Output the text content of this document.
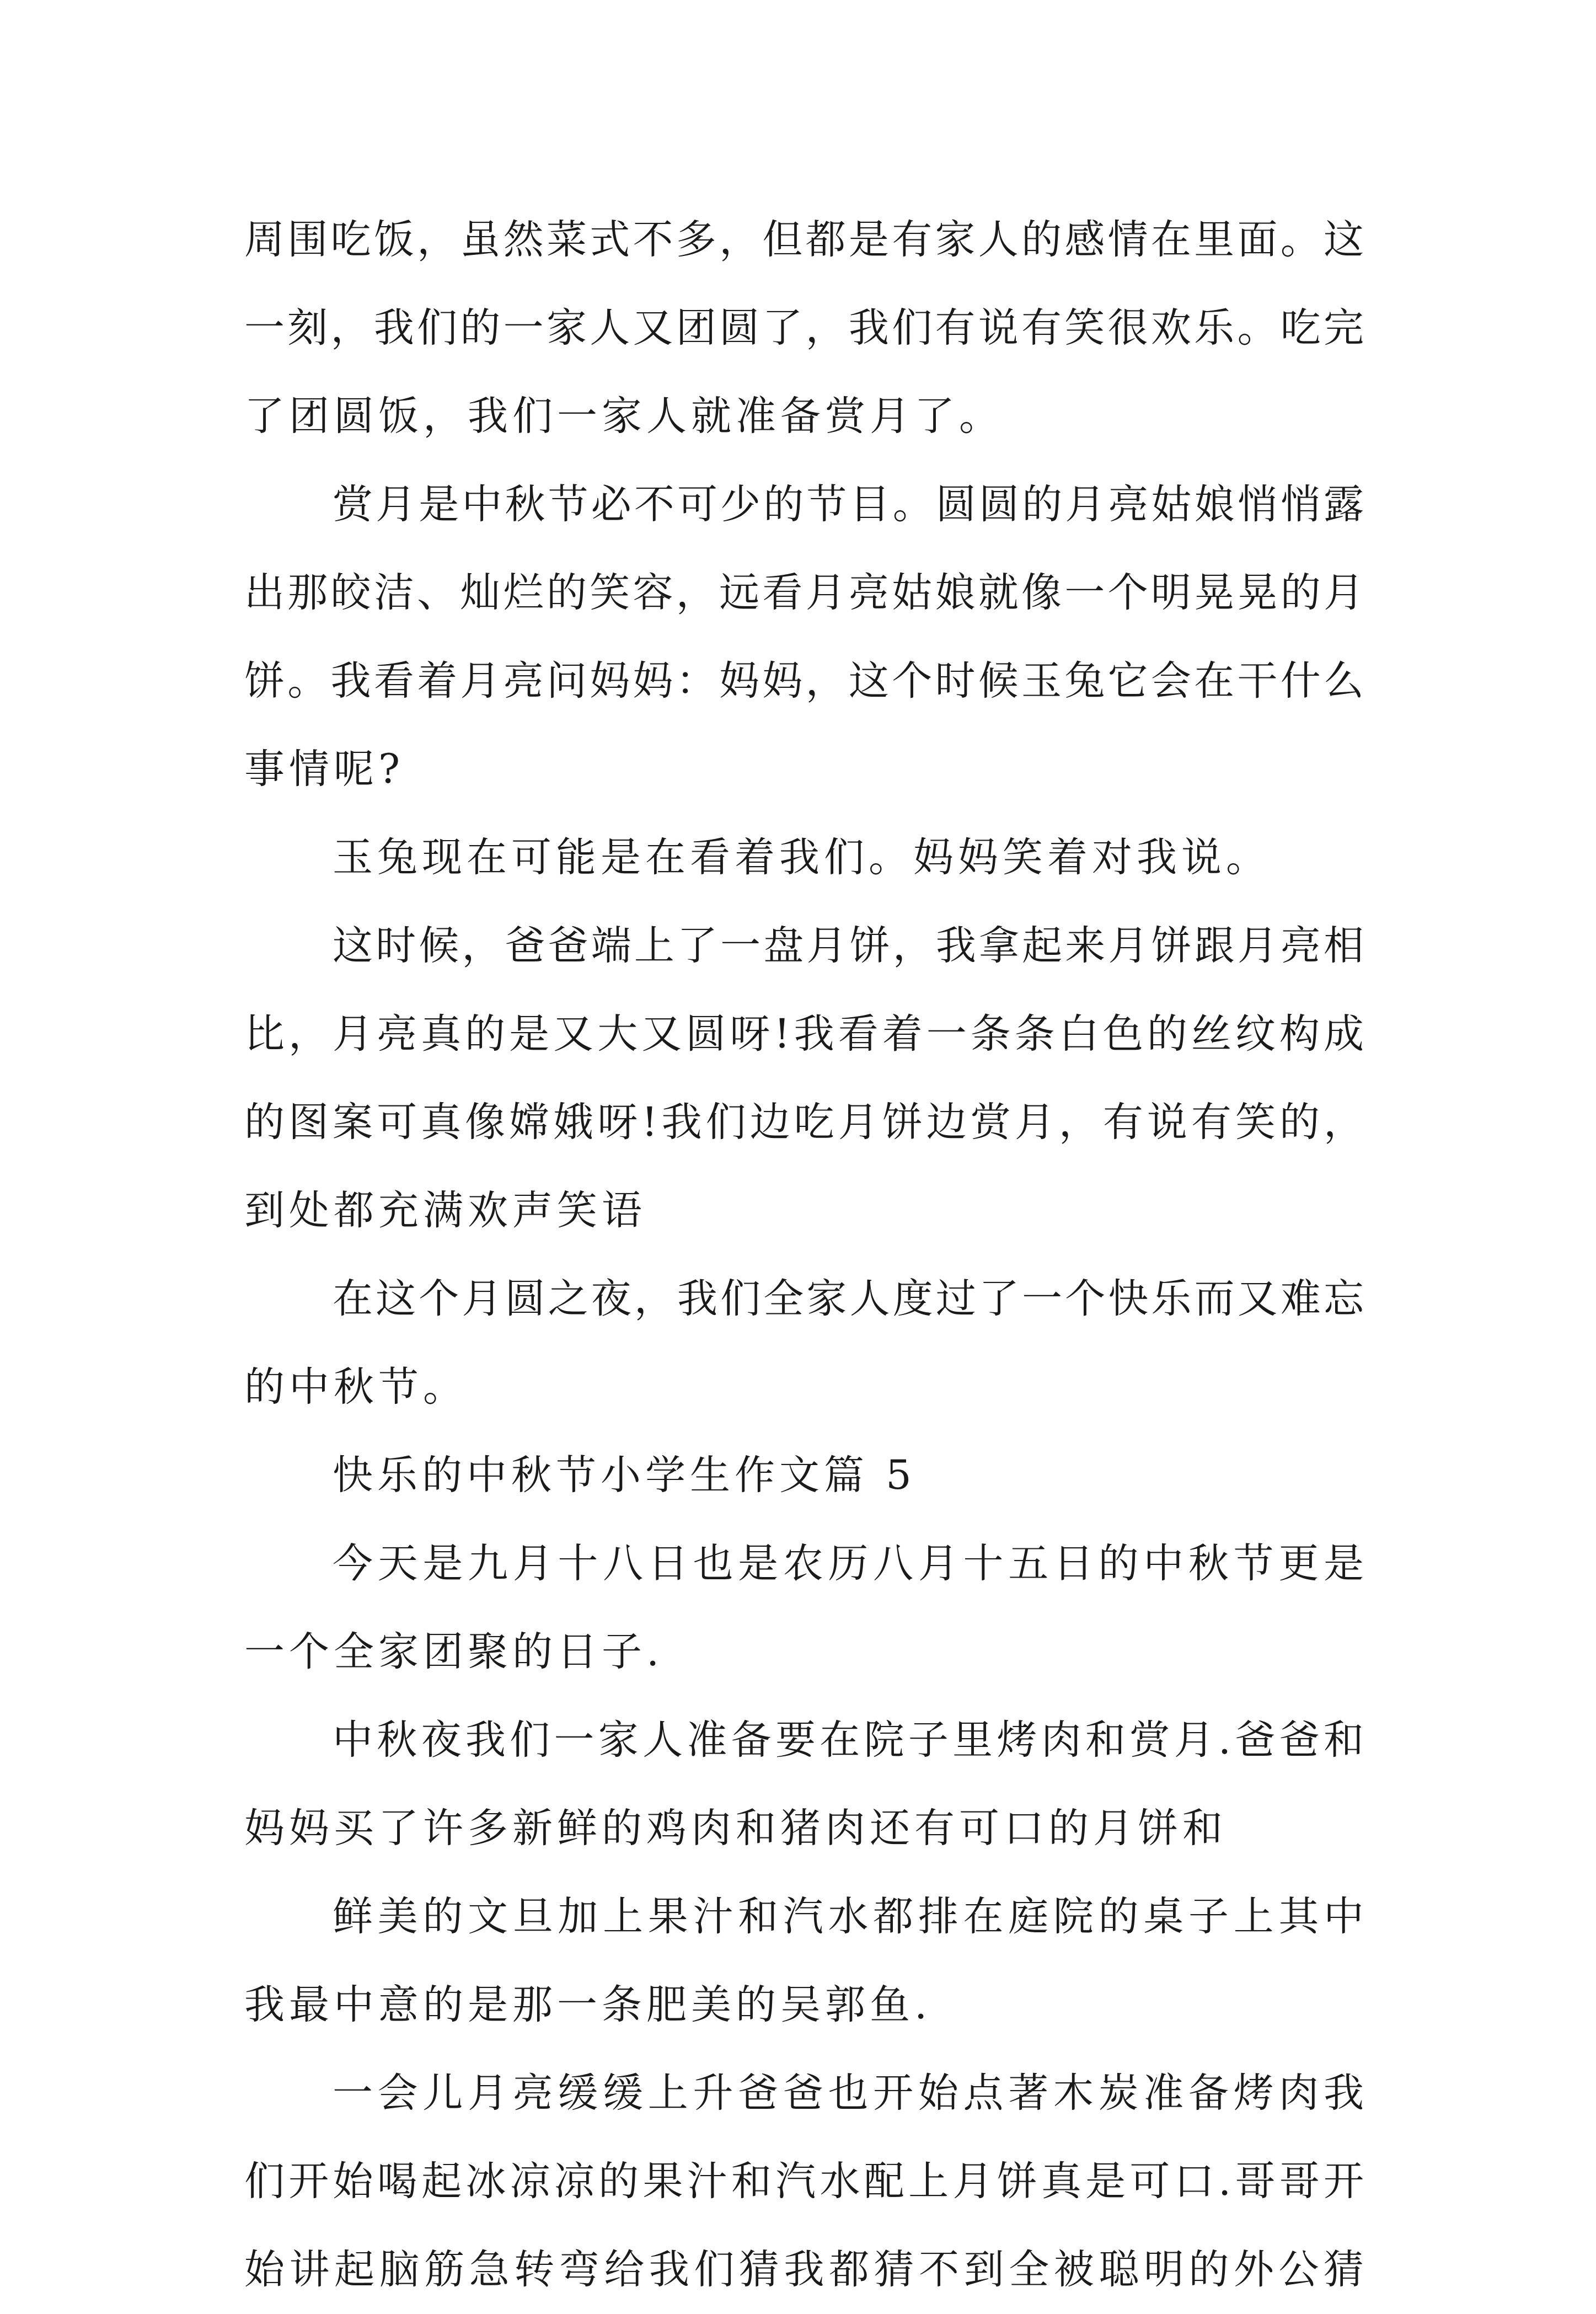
周围吃饭，虽然菜式不多，但都是有家人的感情在里面。这
一刻，我们的一家人又团圆了，我们有说有笑很欢乐。吃完
了团圆饭，我们一家人就准备赏月了。
赏月是中秋节必不可少的节目。圆圆的月亮姑娘悄悄露
出那皎洁、灿烂的笑容，远看月亮姑娘就像一个明晃晃的月
饼。我看着月亮问妈妈：妈妈，这个时候玉兔它会在干什么
事情呢?
玉兔现在可能是在看着我们。妈妈笑着对我说。
这时候，爸爸端上了一盘月饼，我拿起来月饼跟月亮相
比，月亮真的是又大又圆呀!我看着一条条白色的丝纹构成
的图案可真像嫦娥呀!我们边吃月饼边赏月，有说有笑的，
到处都充满欢声笑语
在这个月圆之夜，我们全家人度过了一个快乐而又难忘
的中秋节。
快乐的中秋节小学生作文篇 5
今天是九月十八日也是农历八月十五日的中秋节更是
一个全家团聚的日子.
中秋夜我们一家人准备要在院子里烤肉和赏月.爸爸和
妈妈买了许多新鲜的鸡肉和猪肉还有可口的月饼和
鲜美的文旦加上果汁和汽水都排在庭院的桌子上其中
我最中意的是那一条肥美的吴郭鱼.
一会儿月亮缓缓上升爸爸也开始点著木炭准备烤肉我
们开始喝起冰凉凉的果汁和汽水配上月饼真是可口.哥哥开
始讲起脑筋急转弯给我们猜我都猜不到全被聪明的外公猜
